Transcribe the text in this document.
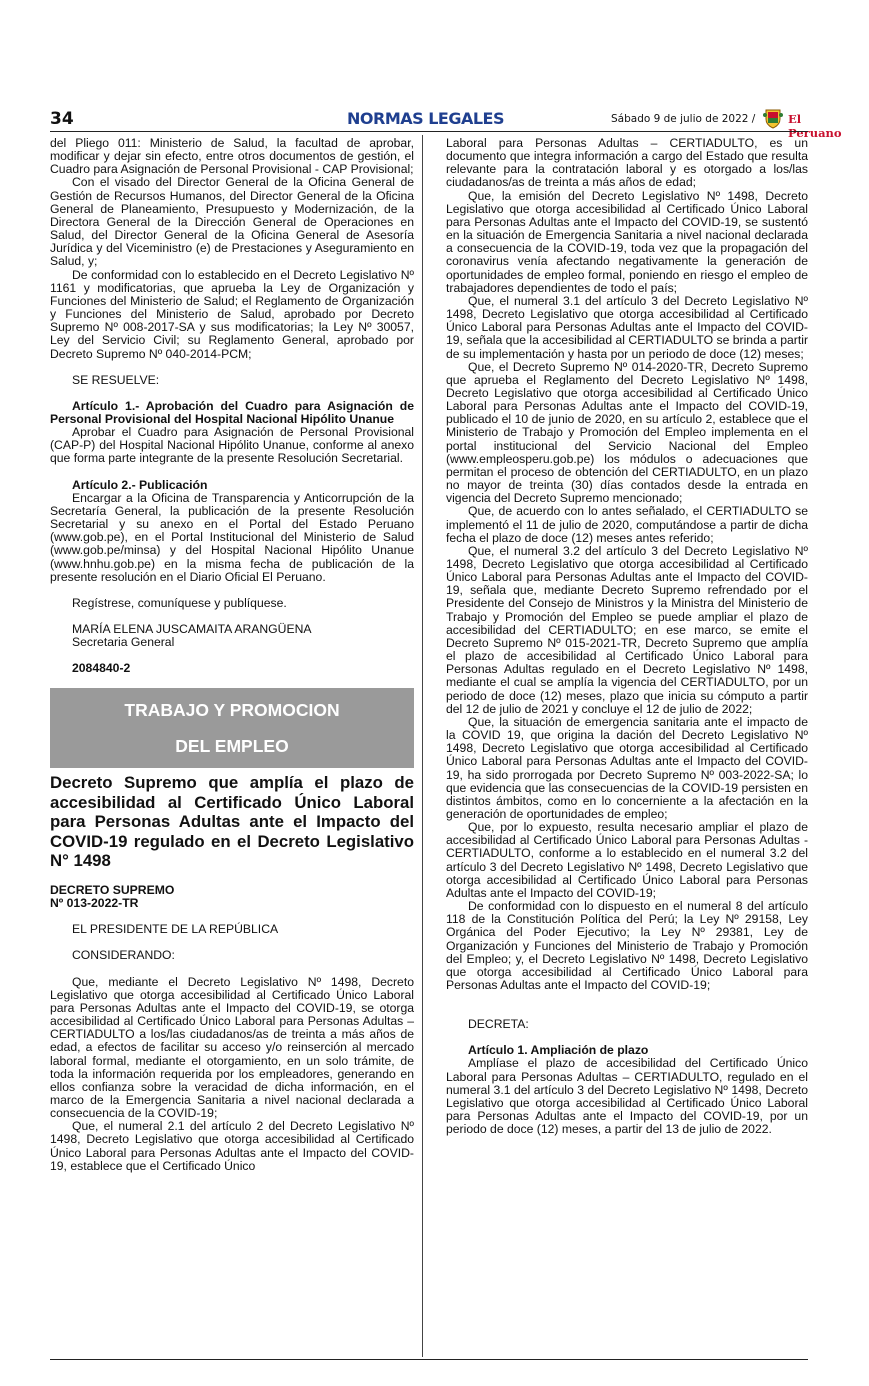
34	NORMAS LEGALES	Sábado 9 de julio de 2022 /	El Peruano

del Pliego 011: Ministerio de Salud, la facultad de aprobar, modificar y dejar sin efecto, entre otros documentos de gestión, el Cuadro para Asignación de Personal Provisional - CAP Provisional;

Con el visado del Director General de la Oficina General de Gestión de Recursos Humanos, del Director General de la Oficina General de Planeamiento, Presupuesto y Modernización, de la Directora General de la Dirección General de Operaciones en Salud, del Director General de la Oficina General de Asesoría Jurídica y del Viceministro (e) de Prestaciones y Aseguramiento en Salud, y;

De conformidad con lo establecido en el Decreto Legislativo Nº 1161 y modificatorias, que aprueba la Ley de Organización y Funciones del Ministerio de Salud; el Reglamento de Organización y Funciones del Ministerio de Salud, aprobado por Decreto Supremo Nº 008-2017-SA y sus modificatorias; la Ley Nº 30057, Ley del Servicio Civil; su Reglamento General, aprobado por Decreto Supremo Nº 040-2014-PCM;

SE RESUELVE:

Artículo 1.- Aprobación del Cuadro para Asignación de Personal Provisional del Hospital Nacional Hipólito Unanue

Aprobar el Cuadro para Asignación de Personal Provisional (CAP-P) del Hospital Nacional Hipólito Unanue, conforme al anexo que forma parte integrante de la presente Resolución Secretarial.

Artículo 2.- Publicación

Encargar a la Oficina de Transparencia y Anticorrupción de la Secretaría General, la publicación de la presente Resolución Secretarial y su anexo en el Portal del Estado Peruano (www.gob.pe), en el Portal Institucional del Ministerio de Salud (www.gob.pe/minsa) y del Hospital Nacional Hipólito Unanue (www.hnhu.gob.pe) en la misma fecha de publicación de la presente resolución en el Diario Oficial El Peruano.

Regístrese, comuníquese y publíquese.

MARÍA ELENA JUSCAMAITA ARANGÜENA

Secretaria General

2084840-2

TRABAJO Y PROMOCION
DEL EMPLEO

Decreto Supremo que amplía el plazo de accesibilidad al Certificado Único Laboral para Personas Adultas ante el Impacto del COVID-19 regulado en el Decreto Legislativo N° 1498

DECRETO SUPREMO

Nº 013-2022-TR

EL PRESIDENTE DE LA REPÚBLICA

CONSIDERANDO:

Que, mediante el Decreto Legislativo Nº 1498, Decreto Legislativo que otorga accesibilidad al Certificado Único Laboral para Personas Adultas ante el Impacto del COVID-19, se otorga accesibilidad al Certificado Único Laboral para Personas Adultas – CERTIADULTO a los/las ciudadanos/as de treinta a más años de edad, a efectos de facilitar su acceso y/o reinserción al mercado laboral formal, mediante el otorgamiento, en un solo trámite, de toda la información requerida por los empleadores, generando en ellos confianza sobre la veracidad de dicha información, en el marco de la Emergencia Sanitaria a nivel nacional declarada a consecuencia de la COVID-19;

Que, el numeral 2.1 del artículo 2 del Decreto Legislativo Nº 1498, Decreto Legislativo que otorga accesibilidad al Certificado Único Laboral para Personas Adultas ante el Impacto del COVID-19, establece que el Certificado Único

Laboral para Personas Adultas – CERTIADULTO, es un documento que integra información a cargo del Estado que resulta relevante para la contratación laboral y es otorgado a los/las ciudadanos/as de treinta a más años de edad;

Que, la emisión del Decreto Legislativo Nº 1498, Decreto Legislativo que otorga accesibilidad al Certificado Único Laboral para Personas Adultas ante el Impacto del COVID-19, se sustentó en la situación de Emergencia Sanitaria a nivel nacional declarada a consecuencia de la COVID-19, toda vez que la propagación del coronavirus venía afectando negativamente la generación de oportunidades de empleo formal, poniendo en riesgo el empleo de trabajadores dependientes de todo el país;

Que, el numeral 3.1 del artículo 3 del Decreto Legislativo Nº 1498, Decreto Legislativo que otorga accesibilidad al Certificado Único Laboral para Personas Adultas ante el Impacto del COVID-19, señala que la accesibilidad al CERTIADULTO se brinda a partir de su implementación y hasta por un periodo de doce (12) meses;

Que, el Decreto Supremo Nº 014-2020-TR, Decreto Supremo que aprueba el Reglamento del Decreto Legislativo Nº 1498, Decreto Legislativo que otorga accesibilidad al Certificado Único Laboral para Personas Adultas ante el Impacto del COVID-19, publicado el 10 de junio de 2020, en su artículo 2, establece que el Ministerio de Trabajo y Promoción del Empleo implementa en el portal institucional del Servicio Nacional del Empleo (www.empleosperu.gob.pe) los módulos o adecuaciones que permitan el proceso de obtención del CERTIADULTO, en un plazo no mayor de treinta (30) días contados desde la entrada en vigencia del Decreto Supremo mencionado;

Que, de acuerdo con lo antes señalado, el CERTIADULTO se implementó el 11 de julio de 2020, computándose a partir de dicha fecha el plazo de doce (12) meses antes referido;

Que, el numeral 3.2 del artículo 3 del Decreto Legislativo Nº 1498, Decreto Legislativo que otorga accesibilidad al Certificado Único Laboral para Personas Adultas ante el Impacto del COVID-19, señala que, mediante Decreto Supremo refrendado por el Presidente del Consejo de Ministros y la Ministra del Ministerio de Trabajo y Promoción del Empleo se puede ampliar el plazo de accesibilidad del CERTIADULTO; en ese marco, se emite el Decreto Supremo Nº 015-2021-TR, Decreto Supremo que amplía el plazo de accesibilidad al Certificado Único Laboral para Personas Adultas regulado en el Decreto Legislativo Nº 1498, mediante el cual se amplía la vigencia del CERTIADULTO, por un periodo de doce (12) meses, plazo que inicia su cómputo a partir del 12 de julio de 2021 y concluye el 12 de julio de 2022;

Que, la situación de emergencia sanitaria ante el impacto de la COVID 19, que origina la dación del Decreto Legislativo Nº 1498, Decreto Legislativo que otorga accesibilidad al Certificado Único Laboral para Personas Adultas ante el Impacto del COVID-19, ha sido prorrogada por Decreto Supremo Nº 003-2022-SA; lo que evidencia que las consecuencias de la COVID-19 persisten en distintos ámbitos, como en lo concerniente a la afectación en la generación de oportunidades de empleo;

Que, por lo expuesto, resulta necesario ampliar el plazo de accesibilidad al Certificado Único Laboral para Personas Adultas - CERTIADULTO, conforme a lo establecido en el numeral 3.2 del artículo 3 del Decreto Legislativo Nº 1498, Decreto Legislativo que otorga accesibilidad al Certificado Único Laboral para Personas Adultas ante el Impacto del COVID-19;

De conformidad con lo dispuesto en el numeral 8 del artículo 118 de la Constitución Política del Perú; la Ley Nº 29158, Ley Orgánica del Poder Ejecutivo; la Ley Nº 29381, Ley de Organización y Funciones del Ministerio de Trabajo y Promoción del Empleo; y, el Decreto Legislativo Nº 1498, Decreto Legislativo que otorga accesibilidad al Certificado Único Laboral para Personas Adultas ante el Impacto del COVID-19;

DECRETA:

Artículo 1. Ampliación de plazo

Amplíase el plazo de accesibilidad del Certificado Único Laboral para Personas Adultas – CERTIADULTO, regulado en el numeral 3.1 del artículo 3 del Decreto Legislativo Nº 1498, Decreto Legislativo que otorga accesibilidad al Certificado Único Laboral para Personas Adultas ante el Impacto del COVID-19, por un periodo de doce (12) meses, a partir del 13 de julio de 2022.
